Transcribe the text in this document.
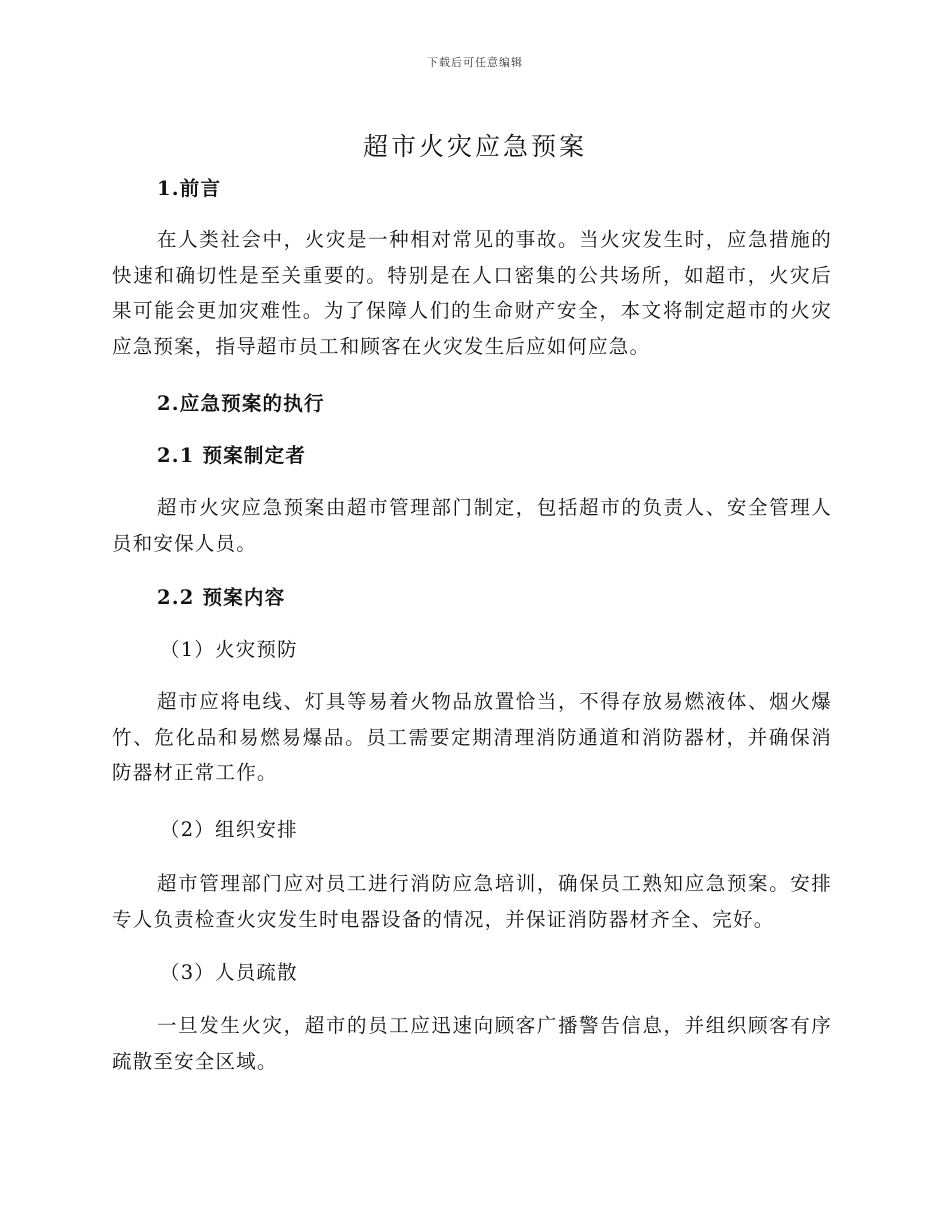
下载后可任意编辑
超市火灾应急预案
1.前言
在人类社会中，火灾是一种相对常见的事故。当火灾发生时，应急措施的快速和确切性是至关重要的。特别是在人口密集的公共场所，如超市，火灾后果可能会更加灾难性。为了保障人们的生命财产安全，本文将制定超市的火灾应急预案，指导超市员工和顾客在火灾发生后应如何应急。
2.应急预案的执行
2.1 预案制定者
超市火灾应急预案由超市管理部门制定，包括超市的负责人、安全管理人员和安保人员。
2.2 预案内容
（1）火灾预防
超市应将电线、灯具等易着火物品放置恰当，不得存放易燃液体、烟火爆竹、危化品和易燃易爆品。员工需要定期清理消防通道和消防器材，并确保消防器材正常工作。
（2）组织安排
超市管理部门应对员工进行消防应急培训，确保员工熟知应急预案。安排专人负责检查火灾发生时电器设备的情况，并保证消防器材齐全、完好。
（3）人员疏散
一旦发生火灾，超市的员工应迅速向顾客广播警告信息，并组织顾客有序疏散至安全区域。
